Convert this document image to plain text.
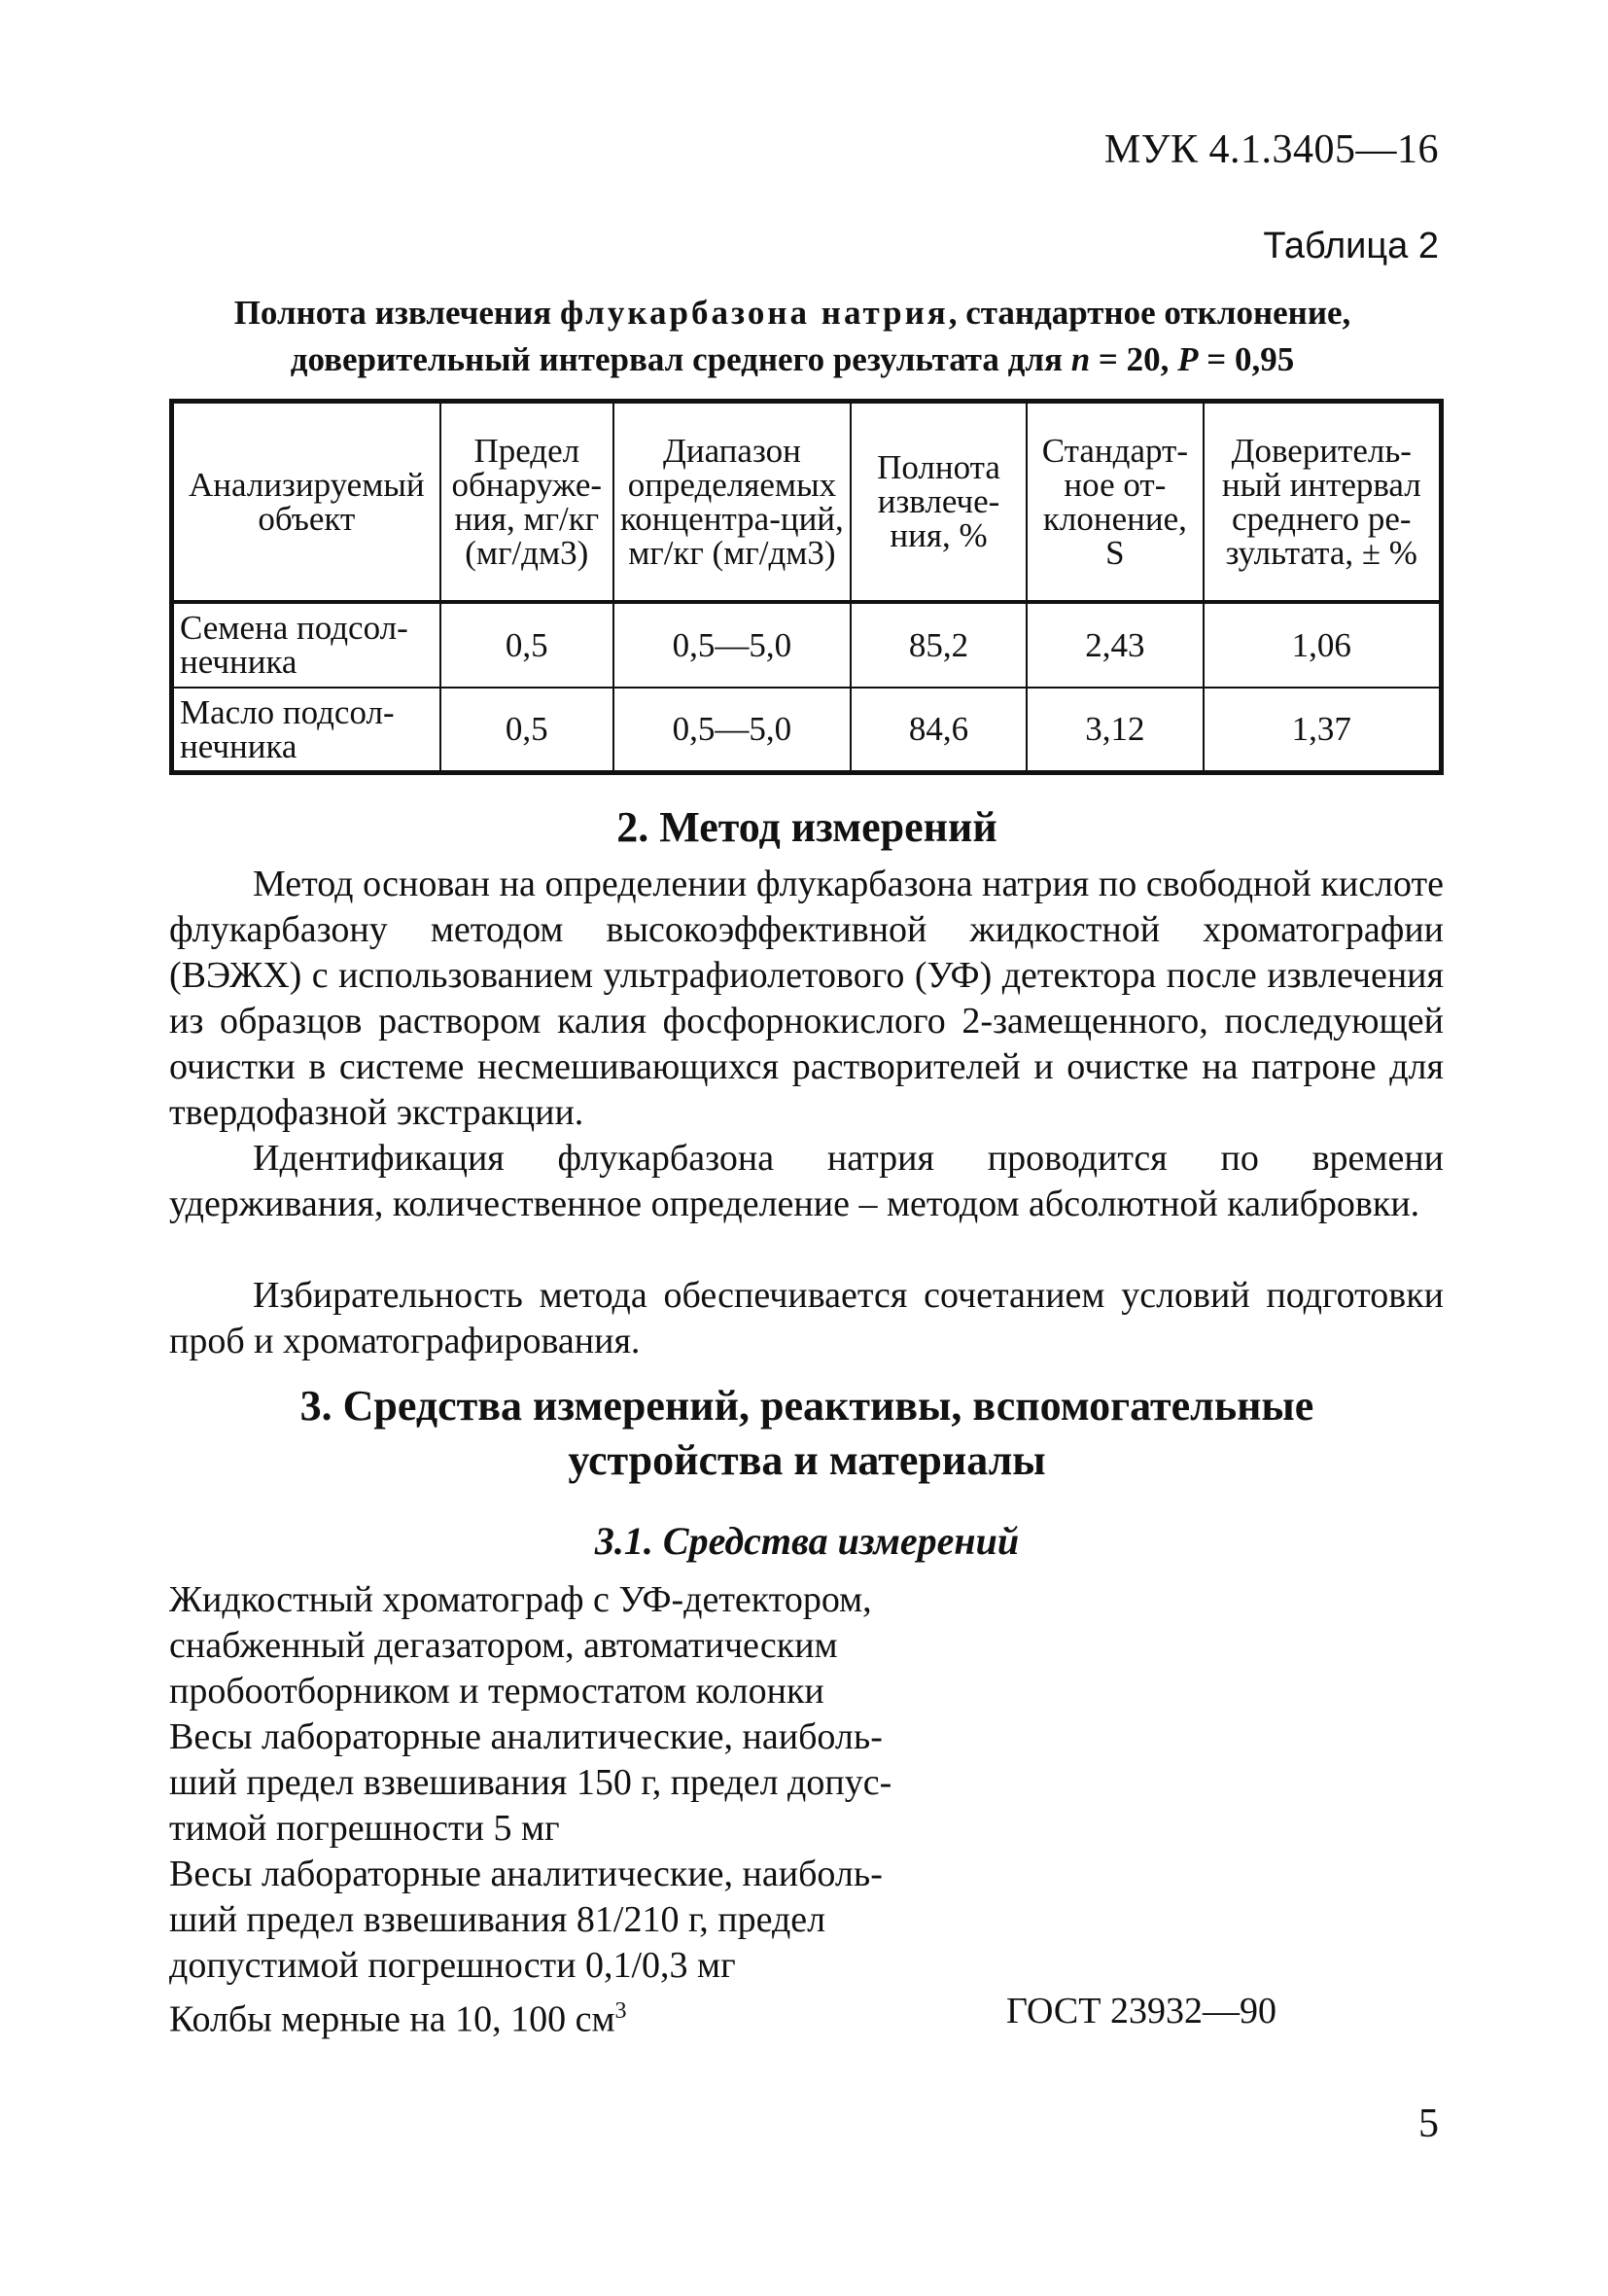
МУК 4.1.3405—16
Таблица 2
Полнота извлечения флукарбазона натрия, стандартное отклонение,
доверительный интервал среднего результата для n = 20, P = 0,95
Анализируемый объект	Предел обнаруже-ния, мг/кг (мг/дм3)	Диапазон определяемых концентра-ций, мг/кг (мг/дм3)	Полнота извлече-ния, %	Стандарт-ное от-клонение, S	Доверитель-ный интервал среднего ре-зультата, ± %
Семена подсол-нечника	0,5	0,5—5,0	85,2	2,43	1,06
Масло подсол-нечника	0,5	0,5—5,0	84,6	3,12	1,37
2. Метод измерений

Метод основан на определении флукарбазона натрия по свободной кислоте флукарбазону методом высокоэффективной жидкостной хроматографии (ВЭЖХ) с использованием ультрафиолетового (УФ) детектора после извлечения из образцов раствором калия фосфорнокислого 2-замещенного, последующей очистки в системе несмешивающихся растворителей и очистке на патроне для твердофазной экстракции.

Идентификация флукарбазона натрия проводится по времени удерживания, количественное определение – методом абсолютной калибровки.

Избирательность метода обеспечивается сочетанием условий подготовки проб и хроматографирования.

3. Средства измерений, реактивы, вспомогательные
устройства и материалы
3.1. Средства измерений
Жидкостный хроматограф с УФ-детектором,
снабженный дегазатором, автоматическим
пробоотборником и термостатом колонки
Весы лабораторные аналитические, наиболь-
ший предел взвешивания 150 г, предел допус-
тимой погрешности 5 мг
Весы лабораторные аналитические, наиболь-
ший предел взвешивания 81/210 г, предел
допустимой погрешности 0,1/0,3 мг
Колбы мерные на 10, 100 $см^3$	ГОСТ 23932—90
5
